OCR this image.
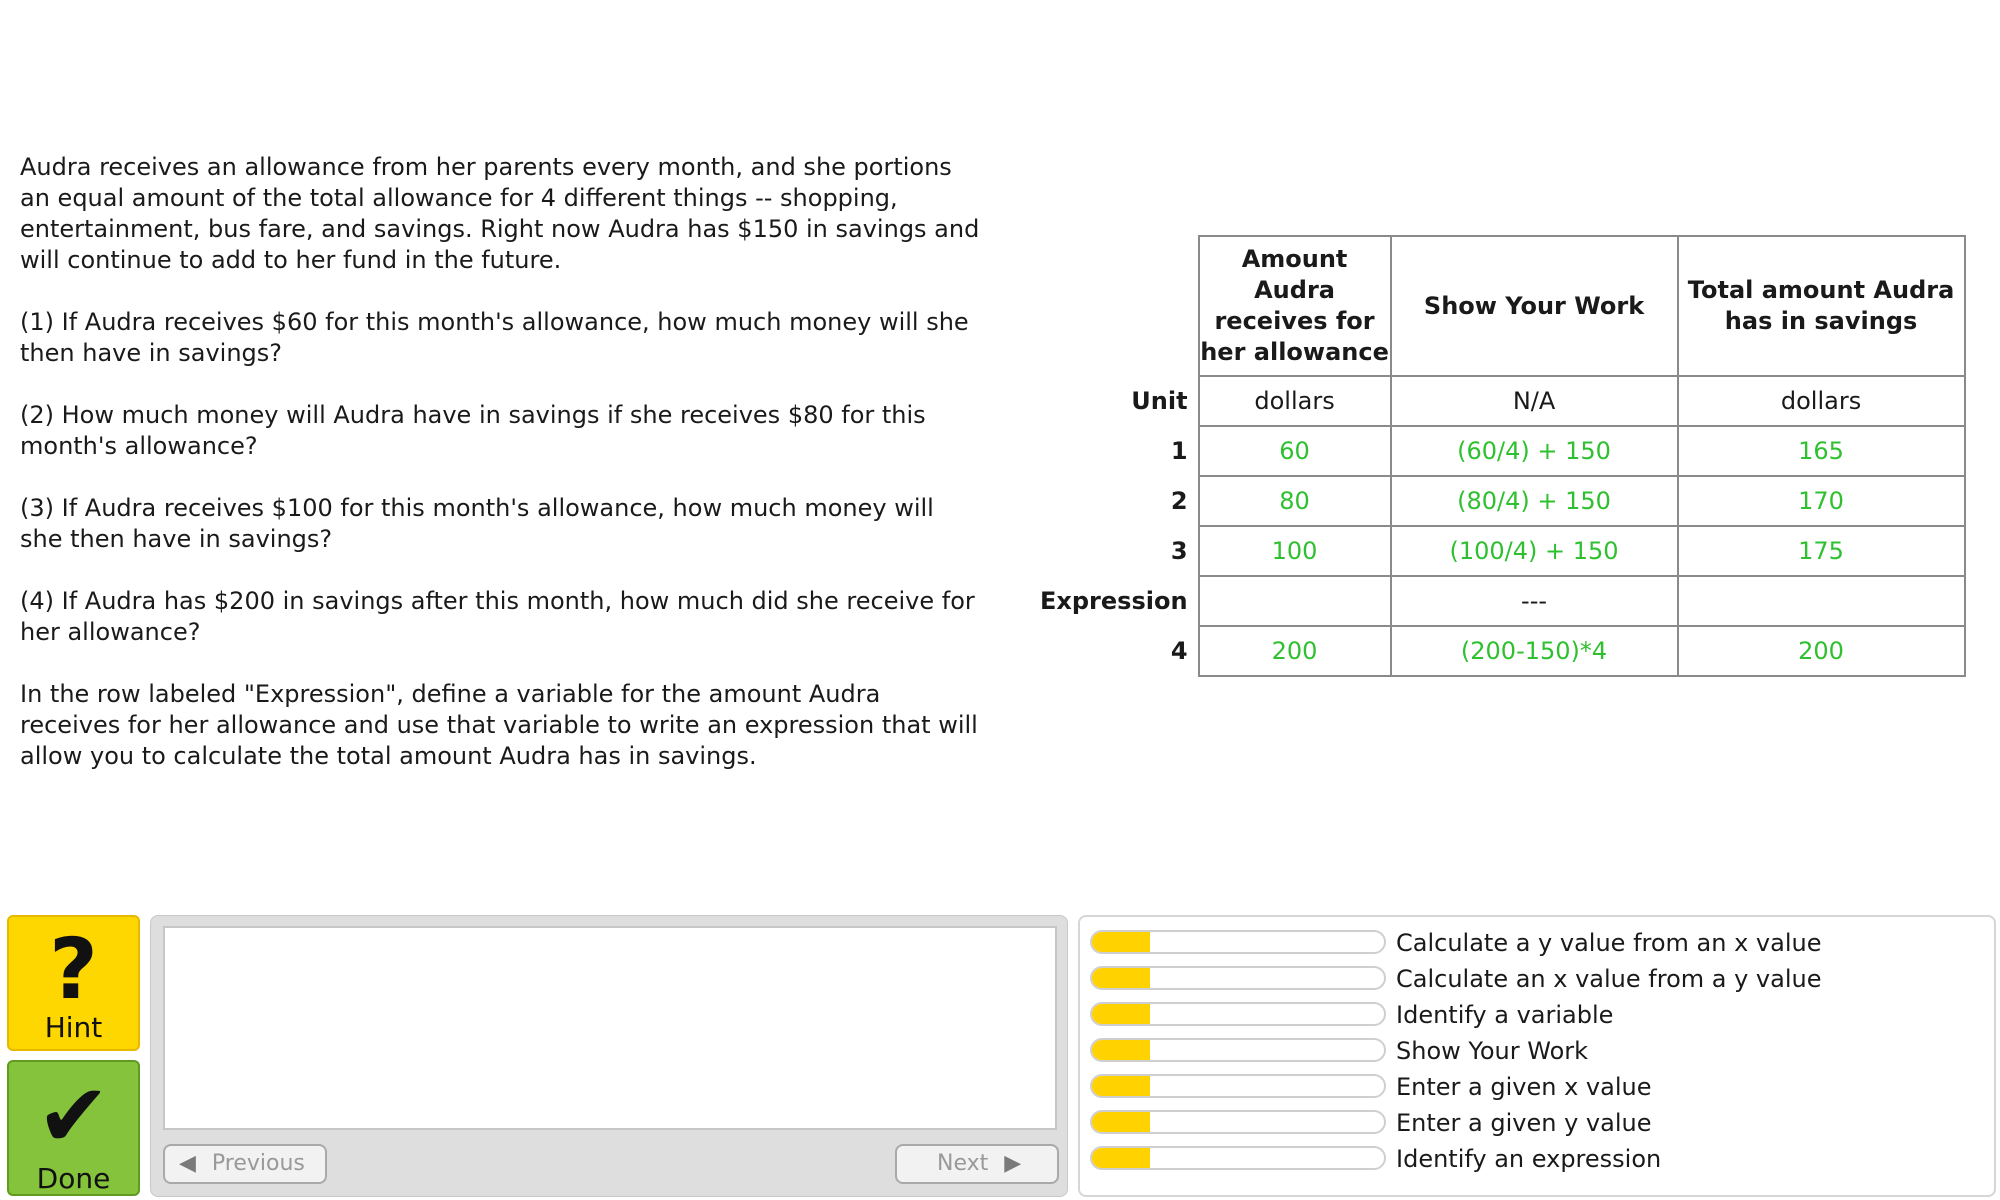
Audra receives an allowance from her parents every month, and she portions an equal amount of the total allowance for 4 different things -- shopping, entertainment, bus fare, and savings. Right now Audra has $150 in savings and will continue to add to her fund in the future.

(1) If Audra receives $60 for this month's allowance, how much money will she then have in savings?

(2) How much money will Audra have in savings if she receives $80 for this month's allowance?

(3) If Audra receives $100 for this month's allowance, how much money will she then have in savings?

(4) If Audra has $200 in savings after this month, how much did she receive for her allowance?

In the row labeled "Expression", define a variable for the amount Audra receives for her allowance and use that variable to write an expression that will allow you to calculate the total amount Audra has in savings.

	Amount Audra receives for her allowance	Show Your Work	Total amount Audra has in savings
Unit	dollars	N/A	dollars
1	60	(60/4) + 150	165
2	80	(80/4) + 150	170
3	100	(100/4) + 150	175
Expression		---	
4	200	(200-150)*4	200
?
Hint
✔
Done	◀ Previous	Next ▶
Calculate a y value from an x value
Calculate an x value from a y value
Identify a variable
Show Your Work
Enter a given x value
Enter a given y value
Identify an expression
